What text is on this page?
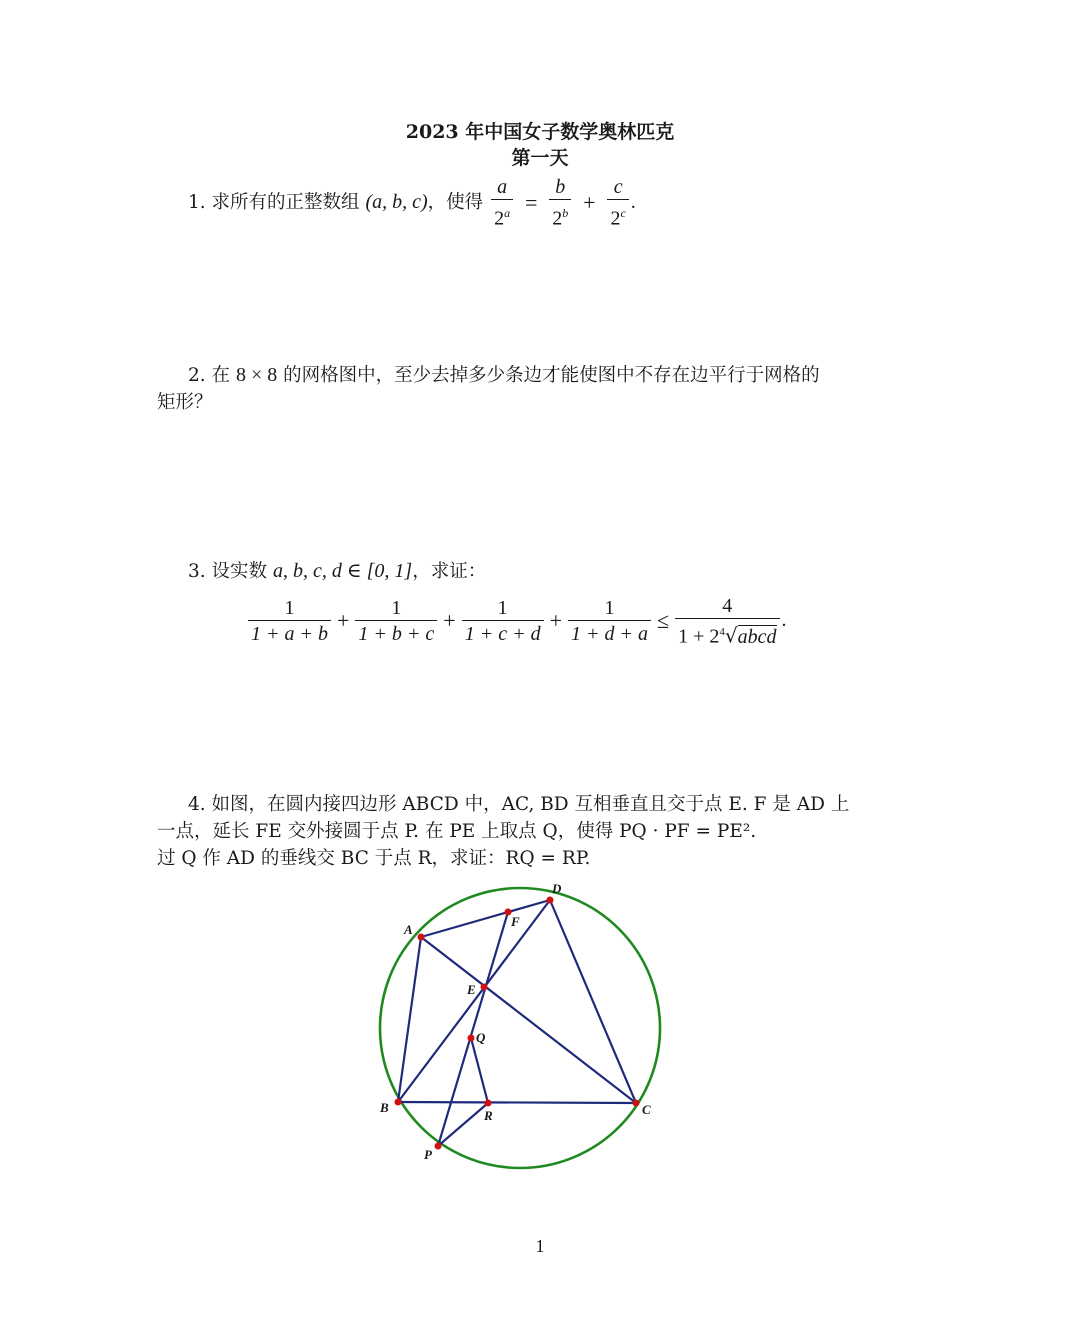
2023 年中国女子数学奥林匹克
第一天
1. 求所有的正整数组 (a, b, c)，使得 $\frac{a}{2^a} = \frac{b}{2^b} + \frac{c}{2^c}$ .
2. 在 8 × 8 的网格图中，至少去掉多少条边才能使图中不存在边平行于网格的
矩形？
3. 设实数 a, b, c, d ∈ [0, 1]，求证：
$\frac{1}{1 + a + b} + \frac{1}{1 + b + c} + \frac{1}{1 + c + d} + \frac{1}{1 + d + a} \le \frac{4}{1 + 2^4√abcd}$ .
4. 如图，在圆内接四边形 ABCD 中，AC, BD 互相垂直且交于点 E. F 是 AD 上
一点，延长 FE 交外接圆于点 P. 在 PE 上取点 Q，使得 PQ · PF = PE².
过 Q 作 AD 的垂线交 BC 于点 R，求证：RQ = RP.
A
B	C
D
E
F
P
Q
R
1
